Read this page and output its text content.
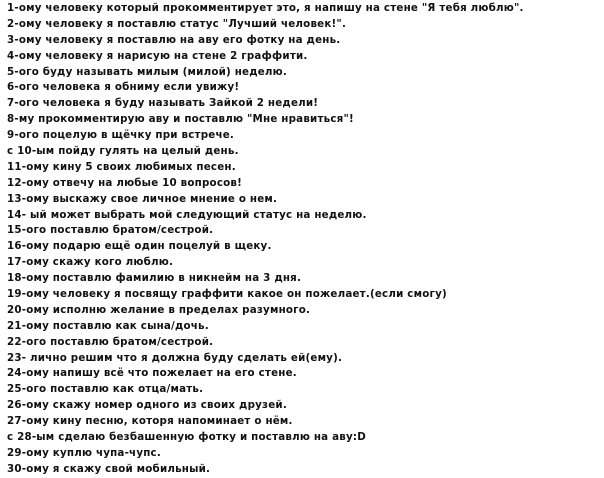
1-ому человеку который прокомментирует это, я напишу на стене "Я тебя люблю".
2-ому человеку я поставлю статус "Лучший человек!".
3-ому человеку я поставлю на аву его фотку на день.
4-ому человеку я нарисую на стене 2 граффити.
5-ого буду называть милым (милой) неделю.
6-ого человека я обниму если увижу!
7-ого человека я буду называть Зайкой 2 недели!
8-му прокомментирую аву и поставлю "Мне нравиться"!
9-ого поцелую в щёчку при встрече.
с 10-ым пойду гулять на целый день.
11-ому кину 5 своих любимых песен.
12-ому отвечу на любые 10 вопросов!
13-ому выскажу свое личное мнение о нем.
14- ый может выбрать мой следующий статус на неделю.
15-ого поставлю братом/сестрой.
16-ому подарю ещё один поцелуй в щеку.
17-ому скажу кого люблю.
18-ому поставлю фамилию в никнейм на 3 дня.
19-ому человеку я посвящу граффити какое он пожелает.(если смогу)
20-ому исполню желание в пределах разумного.
21-ому поставлю как сына/дочь.
22-ого поставлю братом/сестрой.
23- лично решим что я должна буду сделать ей(ему).
24-ому напишу всё что пожелает на его стене.
25-ого поставлю как отца/мать.
26-ому скажу номер одного из своих друзей.
27-ому кину песню, которя напоминает о нём.
с 28-ым сделаю безбашенную фотку и поставлю на аву:D
29-ому куплю чупа-чупс.
30-ому я скажу свой мобильный.
